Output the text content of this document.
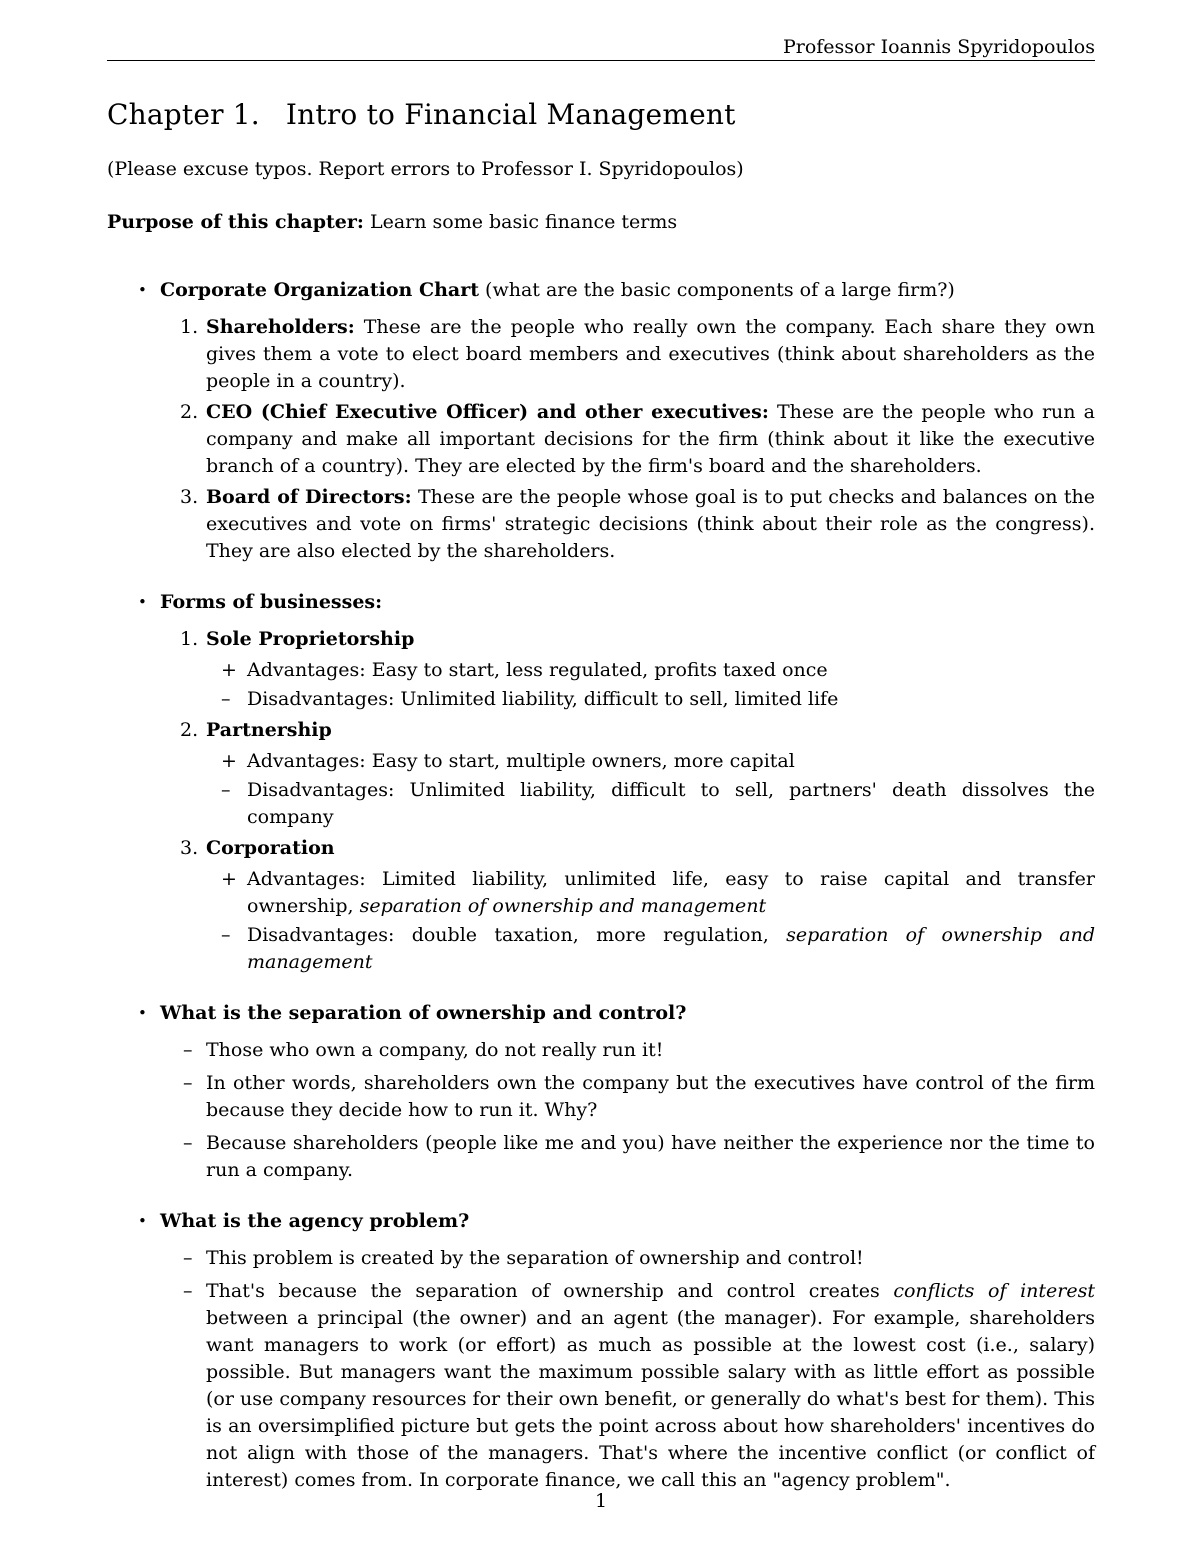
Professor Ioannis Spyridopoulos
Chapter 1. Intro to Financial Management
(Please excuse typos. Report errors to Professor I. Spyridopoulos)
Purpose of this chapter: Learn some basic finance terms
• Corporate Organization Chart (what are the basic components of a large firm?)
1. Shareholders: These are the people who really own the company. Each share they own gives them a vote to elect board members and executives (think about shareholders as the people in a country).
2. CEO (Chief Executive Officer) and other executives: These are the people who run a company and make all important decisions for the firm (think about it like the executive branch of a country). They are elected by the firm's board and the shareholders.
3. Board of Directors: These are the people whose goal is to put checks and balances on the executives and vote on firms' strategic decisions (think about their role as the congress). They are also elected by the shareholders.
• Forms of businesses:
1. Sole Proprietorship
+ Advantages: Easy to start, less regulated, profits taxed once
– Disadvantages: Unlimited liability, difficult to sell, limited life
2. Partnership
+ Advantages: Easy to start, multiple owners, more capital
– Disadvantages: Unlimited liability, difficult to sell, partners' death dissolves the company
3. Corporation
+ Advantages: Limited liability, unlimited life, easy to raise capital and transfer ownership, separation of ownership and management
– Disadvantages: double taxation, more regulation, separation of ownership and management
• What is the separation of ownership and control?
– Those who own a company, do not really run it!
– In other words, shareholders own the company but the executives have control of the firm because they decide how to run it. Why?
– Because shareholders (people like me and you) have neither the experience nor the time to run a company.
• What is the agency problem?
– This problem is created by the separation of ownership and control!
– That's because the separation of ownership and control creates conflicts of interest between a principal (the owner) and an agent (the manager). For example, shareholders want managers to work (or effort) as much as possible at the lowest cost (i.e., salary) possible. But managers want the maximum possible salary with as little effort as possible (or use company resources for their own benefit, or generally do what's best for them). This is an oversimplified picture but gets the point across about how shareholders' incentives do not align with those of the managers. That's where the incentive conflict (or conflict of interest) comes from. In corporate finance, we call this an "agency problem".
1
